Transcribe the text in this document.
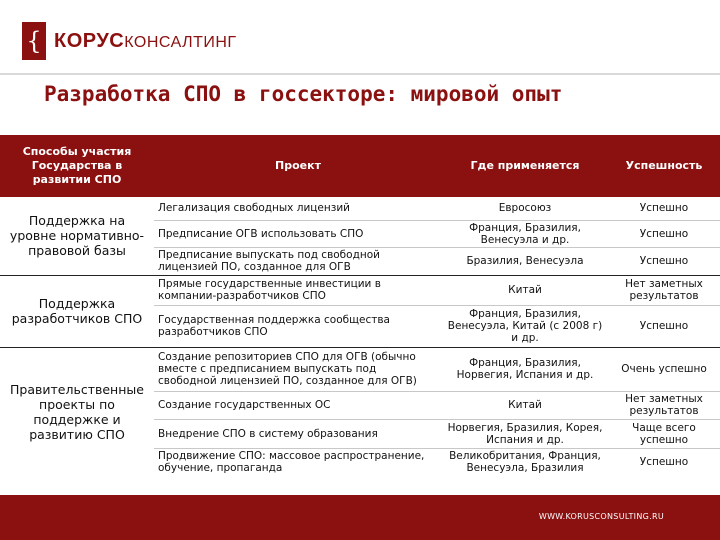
{ КОРУСКОНСАЛТИНГ
Разработка СПО в госсекторе: мировой опыт
Способы участия Государства в развитии СПО	Проект	Где применяется	Успешность
Поддержка на уровне нормативно-правовой базы	Легализация свободных лицензий	Евросоюз	Успешно
	Предписание ОГВ использовать СПО	Франция, Бразилия, Венесуэла и др.	Успешно
	Предписание выпускать под свободной лицензией ПО, созданное для ОГВ	Бразилия, Венесуэла	Успешно
Поддержка разработчиков СПО	Прямые государственные инвестиции в компании-разработчиков СПО	Китай	Нет заметных результатов
	Государственная поддержка сообщества разработчиков СПО	Франция, Бразилия, Венесуэла, Китай (с 2008 г) и др.	Успешно
Правительственные проекты по поддержке и развитию СПО	Создание репозиториев СПО для ОГВ (обычно вместе с предписанием выпускать под свободной лицензией ПО, созданное для ОГВ)	Франция, Бразилия, Норвегия, Испания и др.	Очень успешно
	Создание государственных ОС	Китай	Нет заметных результатов
	Внедрение СПО в систему образования	Норвегия, Бразилия, Корея, Испания и др.	Чаще всего успешно
	Продвижение СПО: массовое распространение, обучение, пропаганда	Великобритания, Франция, Венесуэла, Бразилия	Успешно
WWW.KORUSCONSULTING.RU
